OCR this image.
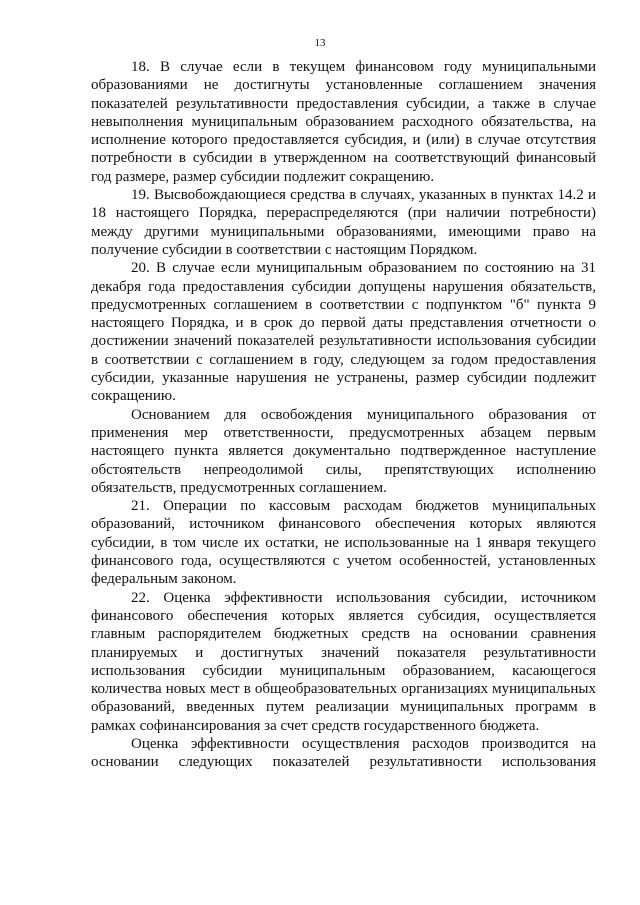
13

18. В случае если в текущем финансовом году муниципальными образованиями не достигнуты установленные соглашением значения показателей результативности предоставления субсидии, а также в случае невыполнения муниципальным образованием расходного обязательства, на исполнение которого предоставляется субсидия, и (или) в случае отсутствия потребности в субсидии в утвержденном на соответствующий финансовый год размере, размер субсидии подлежит сокращению.

19. Высвобождающиеся средства в случаях, указанных в пунктах 14.2 и 18 настоящего Порядка, перераспределяются (при наличии потребности) между другими муниципальными образованиями, имеющими право на получение субсидии в соответствии с настоящим Порядком.

20. В случае если муниципальным образованием по состоянию на 31 декабря года предоставления субсидии допущены нарушения обязательств, предусмотренных соглашением в соответствии с подпунктом "б" пункта 9 настоящего Порядка, и в срок до первой даты представления отчетности о достижении значений показателей результативности использования субсидии в соответствии с соглашением в году, следующем за годом предоставления субсидии, указанные нарушения не устранены, размер субсидии подлежит сокращению.

Основанием для освобождения муниципального образования от применения мер ответственности, предусмотренных абзацем первым настоящего пункта является документально подтвержденное наступление обстоятельств непреодолимой силы, препятствующих исполнению обязательств, предусмотренных соглашением.

21. Операции по кассовым расходам бюджетов муниципальных образований, источником финансового обеспечения которых являются субсидии, в том числе их остатки, не использованные на 1 января текущего финансового года, осуществляются с учетом особенностей, установленных федеральным законом.

22. Оценка эффективности использования субсидии, источником финансового обеспечения которых является субсидия, осуществляется главным распорядителем бюджетных средств на основании сравнения планируемых и достигнутых значений показателя результативности использования субсидии муниципальным образованием, касающегося количества новых мест в общеобразовательных организациях муниципальных образований, введенных путем реализации муниципальных программ в рамках софинансирования за счет средств государственного бюджета.

Оценка эффективности осуществления расходов производится на основании следующих показателей результативности использования
